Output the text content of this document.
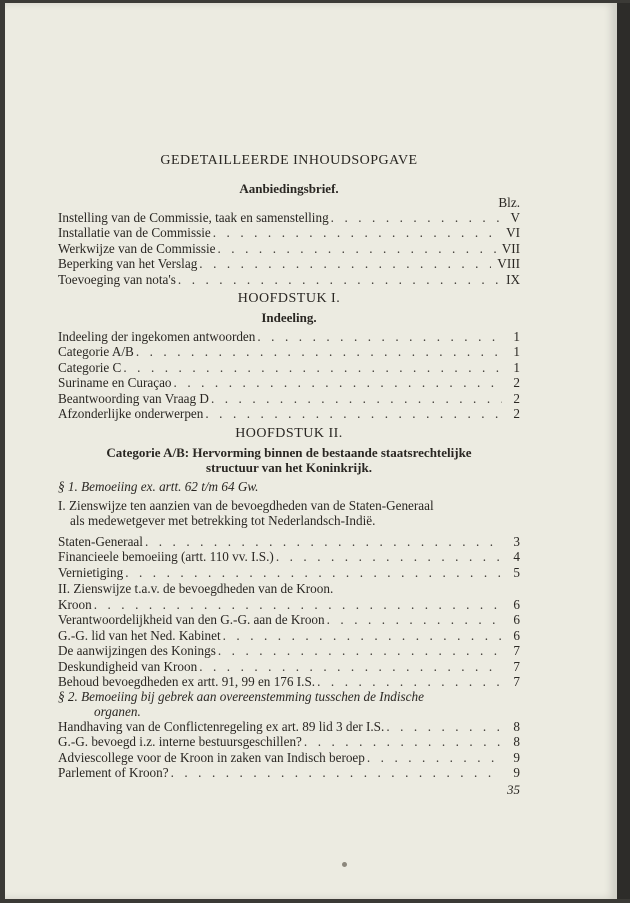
GEDETAILLEERDE INHOUDSOPGAVE
Aanbiedingsbrief.
Blz.
Instelling van de Commissie, taak en samenstelling . . .	V
Installatie van de Commissie . . .	VI
Werkwijze van de Commissie . . .	VII
Beperking van het Verslag . . .	VIII
Toevoeging van nota's . . .	IX
HOOFDSTUK I.
Indeeling.
Indeeling der ingekomen antwoorden . . .	1
Categorie A/B . . .	1
Categorie C . . .	1
Suriname en Curaçao . . .	2
Beantwoording van Vraag D . . .	2
Afzonderlijke onderwerpen . . .	2
HOOFDSTUK II.
Categorie A/B: Hervorming binnen de bestaande staatsrechtelijke
structuur van het Koninkrijk.
§ 1. Bemoeiing ex. artt. 62 t/m 64 Gw.
I. Zienswijze ten aanzien van de bevoegdheden van de Staten-Generaal
als medewetgever met betrekking tot Nederlandsch-Indië.
Staten-Generaal . . .	3
Financieele bemoeiing (artt. 110 vv. I.S.) . . .	4
Vernietiging . . .	5
II. Zienswijze t.a.v. de bevoegdheden van de Kroon.
Kroon . . .	6
Verantwoordelijkheid van den G.-G. aan de Kroon . . .	6
G.-G. lid van het Ned. Kabinet . . .	6
De aanwijzingen des Konings . . .	7
Deskundigheid van Kroon . . .	7
Behoud bevoegdheden ex artt. 91, 99 en 176 I.S. . . .	7
§ 2. Bemoeiing bij gebrek aan overeenstemming tusschen de Indische
organen.
Handhaving van de Conflictenregeling ex art. 89 lid 3 der I.S. . . .	8
G.-G. bevoegd i.z. interne bestuursgeschillen? . . .	8
Adviescollege voor de Kroon in zaken van Indisch beroep . . .	9
Parlement of Kroon? . . .	9
35
